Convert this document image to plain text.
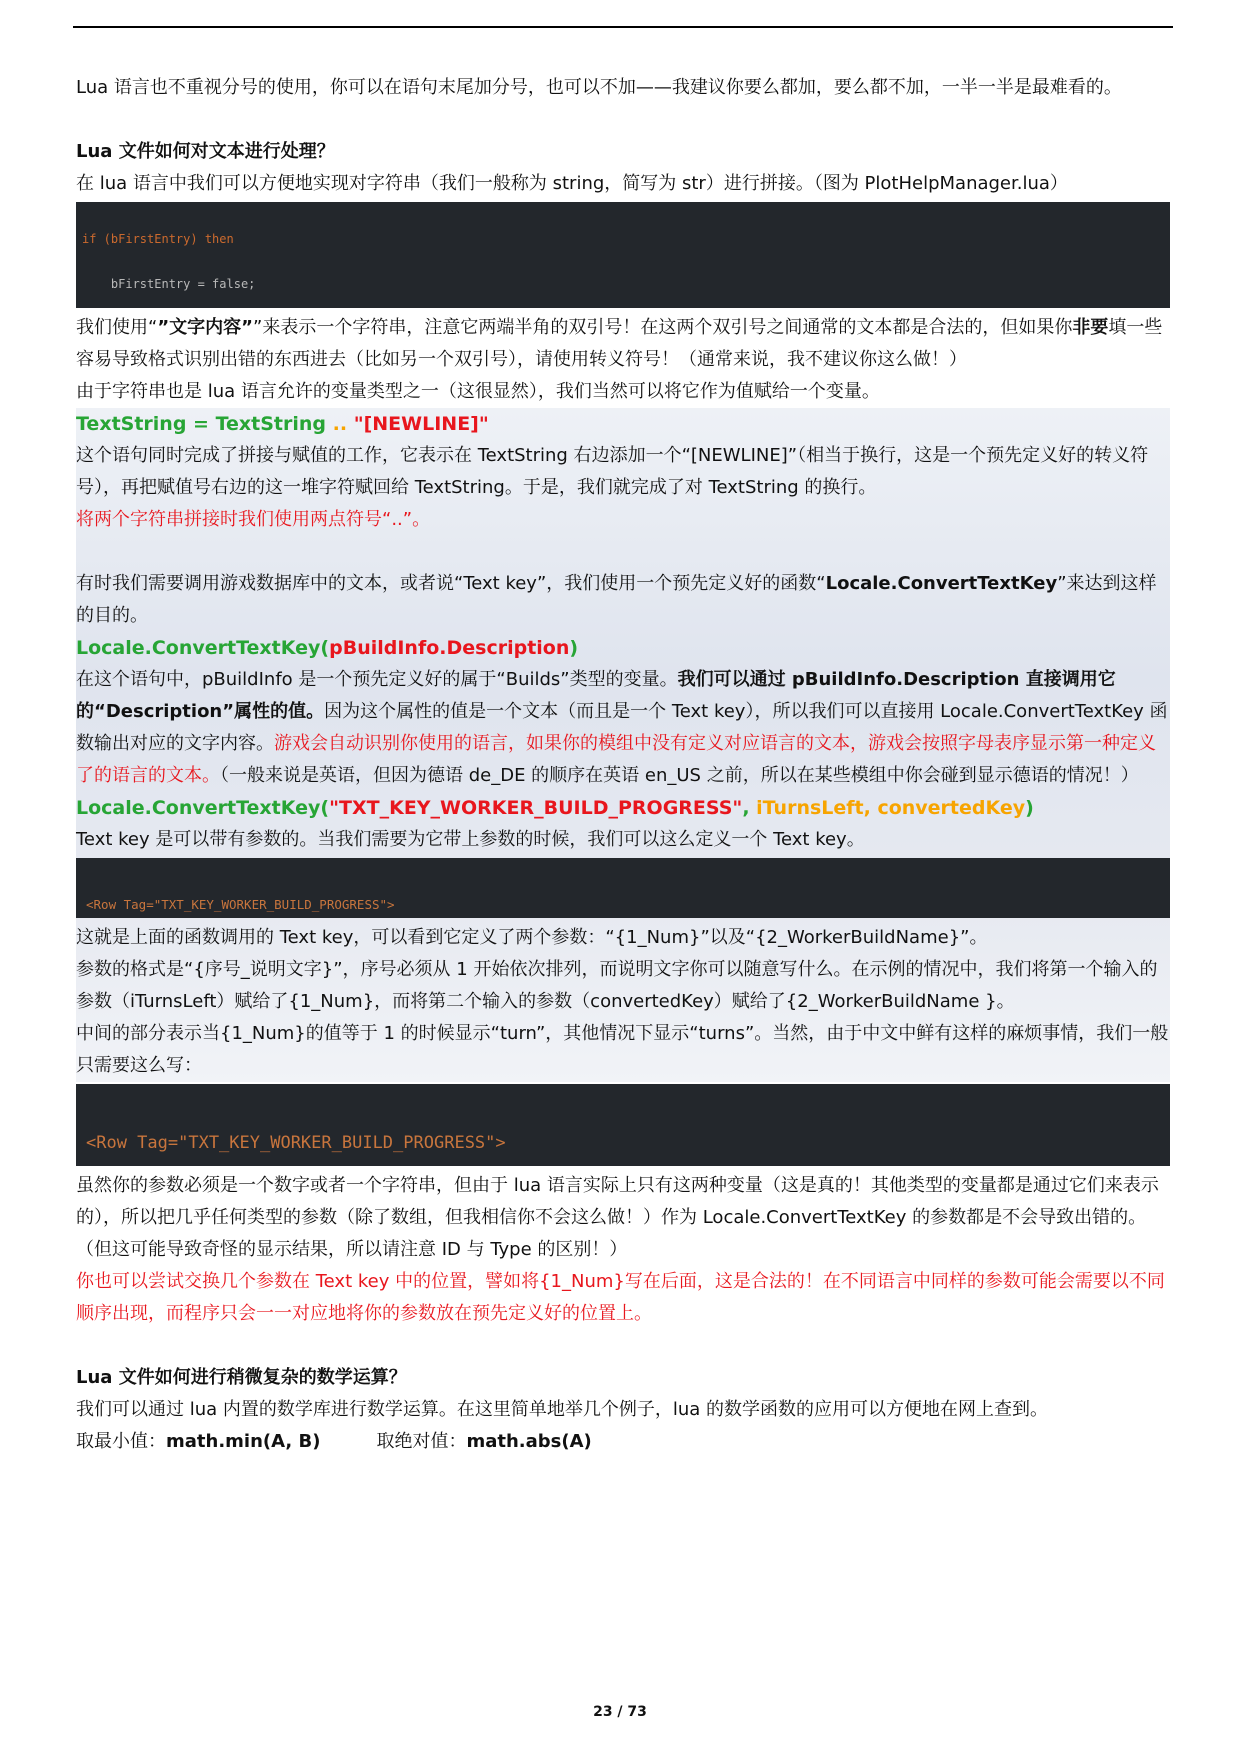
Lua 语言也不重视分号的使用，你可以在语句末尾加分号，也可以不加——我建议你要么都加，要么都不加，一半一半是最难看的。

Lua 文件如何对文本进行处理？

在 lua 语言中我们可以方便地实现对字符串（我们一般称为 string，简写为 str）进行拼接。（图为 PlotHelpManager.lua）

if (bFirstEntry) then

bFirstEntry = false;

我们使用“”文字内容””来表示一个字符串，注意它两端半角的双引号！在这两个双引号之间通常的文本都是合法的，但如果你非要填一些容易导致格式识别出错的东西进去（比如另一个双引号），请使用转义符号！（通常来说，我不建议你这么做！）

由于字符串也是 lua 语言允许的变量类型之一（这很显然），我们当然可以将它作为值赋给一个变量。

TextString = TextString .. "[NEWLINE]"

这个语句同时完成了拼接与赋值的工作，它表示在 TextString 右边添加一个“[NEWLINE]”（相当于换行，这是一个预先定义好的转义符号），再把赋值号右边的这一堆字符赋回给 TextString。于是，我们就完成了对 TextString 的换行。

将两个字符串拼接时我们使用两点符号“..”。

有时我们需要调用游戏数据库中的文本，或者说“Text key”，我们使用一个预先定义好的函数“Locale.ConvertTextKey”来达到这样的目的。

Locale.ConvertTextKey(pBuildInfo.Description)

在这个语句中，pBuildInfo 是一个预先定义好的属于“Builds”类型的变量。我们可以通过 pBuildInfo.Description 直接调用它的“Description”属性的值。因为这个属性的值是一个文本（而且是一个 Text key），所以我们可以直接用 Locale.ConvertTextKey 函数输出对应的文字内容。游戏会自动识别你使用的语言，如果你的模组中没有定义对应语言的文本，游戏会按照字母表序显示第一种定义了的语言的文本。（一般来说是英语，但因为德语 de_DE 的顺序在英语 en_US 之前，所以在某些模组中你会碰到显示德语的情况！）

Locale.ConvertTextKey("TXT_KEY_WORKER_BUILD_PROGRESS", iTurnsLeft, convertedKey)

Text key 是可以带有参数的。当我们需要为它带上参数的时候，我们可以这么定义一个 Text key。

<Row Tag="TXT_KEY_WORKER_BUILD_PROGRESS">

这就是上面的函数调用的 Text key，可以看到它定义了两个参数：“{1_Num}”以及“{2_WorkerBuildName}”。

参数的格式是“{序号_说明文字}”，序号必须从 1 开始依次排列，而说明文字你可以随意写什么。在示例的情况中，我们将第一个输入的参数（iTurnsLeft）赋给了{1_Num}，而将第二个输入的参数（convertedKey）赋给了{2_WorkerBuildName }。

中间的部分表示当{1_Num}的值等于 1 的时候显示“turn”，其他情况下显示“turns”。当然，由于中文中鲜有这样的麻烦事情，我们一般只需要这么写：

<Row Tag="TXT_KEY_WORKER_BUILD_PROGRESS">

虽然你的参数必须是一个数字或者一个字符串，但由于 lua 语言实际上只有这两种变量（这是真的！其他类型的变量都是通过它们来表示的），所以把几乎任何类型的参数（除了数组，但我相信你不会这么做！）作为 Locale.ConvertTextKey 的参数都是不会导致出错的。（但这可能导致奇怪的显示结果，所以请注意 ID 与 Type 的区别！）

你也可以尝试交换几个参数在 Text key 中的位置，譬如将{1_Num}写在后面，这是合法的！在不同语言中同样的参数可能会需要以不同顺序出现，而程序只会一一对应地将你的参数放在预先定义好的位置上。

Lua 文件如何进行稍微复杂的数学运算？

我们可以通过 lua 内置的数学库进行数学运算。在这里简单地举几个例子，lua 的数学函数的应用可以方便地在网上查到。

取最小值：math.min(A, B)	取绝对值：math.abs(A)

23 / 73
